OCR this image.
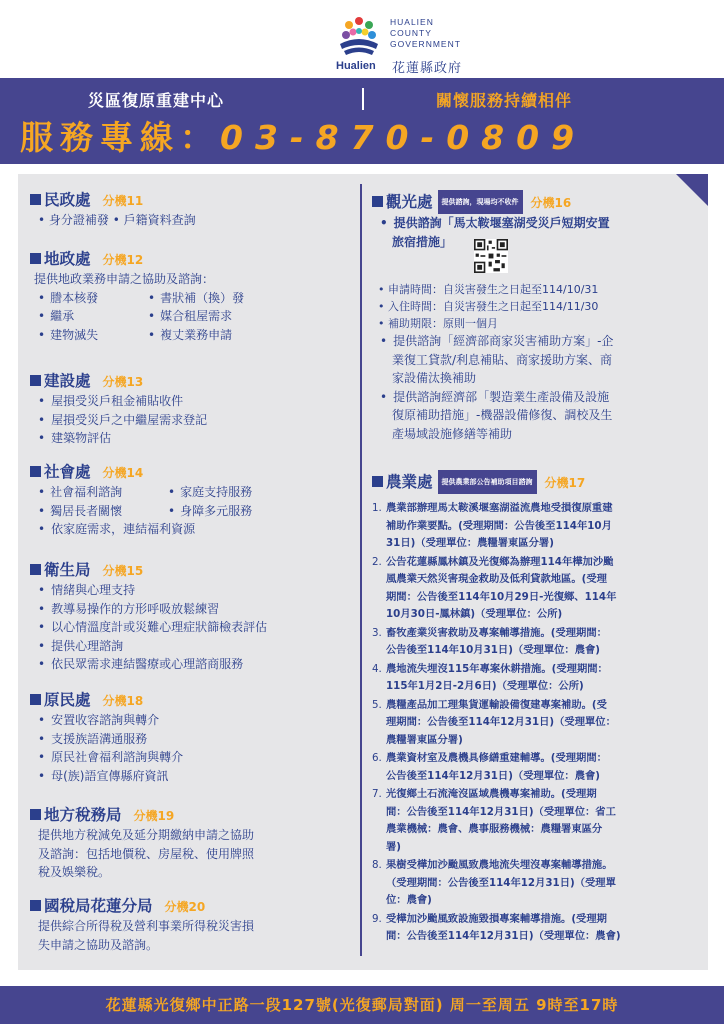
HUALIEN
COUNTY
GOVERNMENT
Hualien 花蓮縣政府
災區復原重建中心	關懷服務持續相伴
服務專線：03-870-0809
民政處 分機11
• 身分證補發 • 戶籍資料查詢
地政處 分機12
提供地政業務申請之協助及諮詢：
• 謄本核發	• 書狀補（換）發
• 繼承	• 媒合租屋需求
• 建物滅失	• 複丈業務申請
建設處 分機13
• 屋損受災戶租金補貼收件
• 屋損受災戶之中繼屋需求登記
• 建築物評估
社會處 分機14
• 社會福利諮詢	• 家庭支持服務
• 獨居長者關懷	• 身障多元服務
• 依家庭需求，連結福利資源
衛生局 分機15
• 情緒與心理支持
• 教導易操作的方形呼吸放鬆練習
• 以心情溫度計或災難心理症狀篩檢表評估
• 提供心理諮詢
• 依民眾需求連結醫療或心理諮商服務
原民處 分機18
• 安置收容諮詢與轉介
• 支援族語溝通服務
• 原民社會福利諮詢與轉介
• 母(族)語宣傳縣府資訊
地方稅務局 分機19
提供地方稅減免及延分期繳納申請之協助
及諮詢：包括地價稅、房屋稅、使用牌照
稅及娛樂稅。
國稅局花蓮分局 分機20
提供綜合所得稅及營利事業所得稅災害損
失申請之協助及諮詢。
觀光處 提供諮詢，現場均不收件 分機16
• 提供諮詢「馬太鞍堰塞湖受災戶短期安置
旅宿措施」
• 申請時間：自災害發生之日起至114/10/31
• 入住時間：自災害發生之日起至114/11/30
• 補助期限：原則一個月
• 提供諮詢「經濟部商家災害補助方案」-企
業復工貸款/利息補貼、商家援助方案、商
家設備汰換補助
• 提供諮詢經濟部「製造業生產設備及設施
復原補助措施」-機器設備修復、調校及生
產場域設施修繕等補助
農業處 提供農業部公告補助項目諮詢 分機17
1. 農業部辦理馬太鞍溪堰塞湖溢流農地受損復原重建
補助作業要點。(受理期間：公告後至114年10月
31日)（受理單位：農糧署東區分署)
2. 公告花蓮縣鳳林鎮及光復鄉為辦理114年樺加沙颱
風農業天然災害現金救助及低利貸款地區。(受理
期間：公告後至114年10月29日-光復鄉、114年
10月30日-鳳林鎮)（受理單位：公所)
3. 畜牧產業災害救助及專案輔導措施。(受理期間：
公告後至114年10月31日)（受理單位：農會)
4. 農地流失埋沒115年專案休耕措施。(受理期間：
115年1月2日-2月6日)（受理單位：公所)
5. 農糧產品加工理集貨運輸設備復建專案補助。(受
理期間：公告後至114年12月31日)（受理單位：
農糧署東區分署)
6. 農業資材室及農機具修繕重建輔導。(受理期間：
公告後至114年12月31日)（受理單位：農會)
7. 光復鄉土石流淹沒區域農機專案補助。(受理期
間：公告後至114年12月31日)（受理單位：省工
農業機械：農會、農事服務機械：農糧署東區分
署)
8. 果樹受樺加沙颱風致農地流失埋沒專案輔導措施。
（受理期間：公告後至114年12月31日)（受理單
位：農會)
9. 受樺加沙颱風致設施毀損專案輔導措施。(受理期
間：公告後至114年12月31日)（受理單位：農會)
花蓮縣光復鄉中正路一段127號(光復郵局對面) 周一至周五 9時至17時
